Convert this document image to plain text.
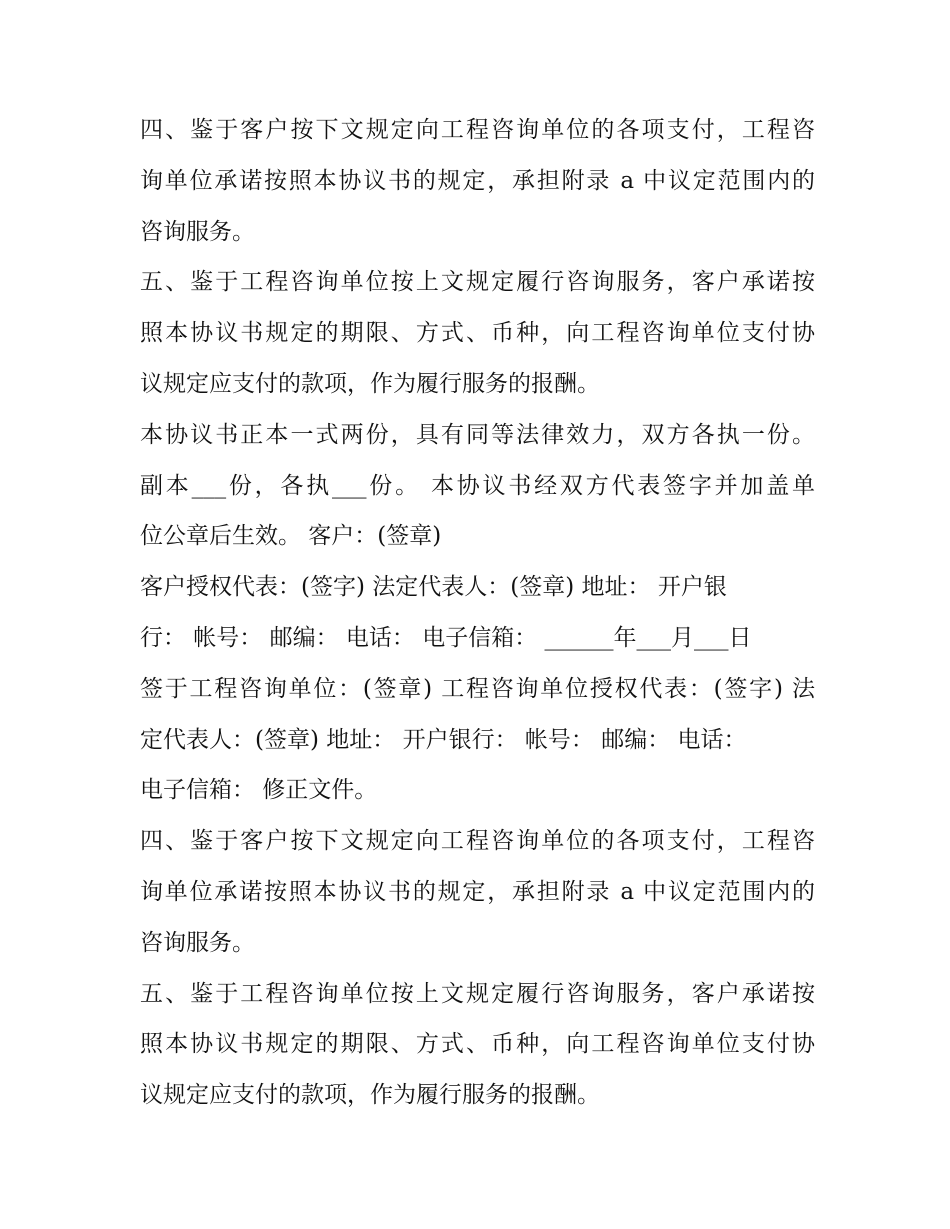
四、鉴于客户按下文规定向工程咨询单位的各项支付，工程咨
询单位承诺按照本协议书的规定，承担附录 a 中议定范围内的
咨询服务。
五、鉴于工程咨询单位按上文规定履行咨询服务，客户承诺按
照本协议书规定的期限、方式、币种，向工程咨询单位支付协
议规定应支付的款项，作为履行服务的报酬。
本协议书正本一式两份，具有同等法律效力，双方各执一份。
副本___份，各执___份。 本协议书经双方代表签字并加盖单
位公章后生效。 客户：(签章)
客户授权代表：(签字) 法定代表人：(签章) 地址： 开户银
行： 帐号： 邮编： 电话： 电子信箱： ______年___月___日
签于工程咨询单位：(签章) 工程咨询单位授权代表：(签字) 法
定代表人：(签章) 地址： 开户银行： 帐号： 邮编： 电话：
电子信箱： 修正文件。
四、鉴于客户按下文规定向工程咨询单位的各项支付，工程咨
询单位承诺按照本协议书的规定，承担附录 a 中议定范围内的
咨询服务。
五、鉴于工程咨询单位按上文规定履行咨询服务，客户承诺按
照本协议书规定的期限、方式、币种，向工程咨询单位支付协
议规定应支付的款项，作为履行服务的报酬。
